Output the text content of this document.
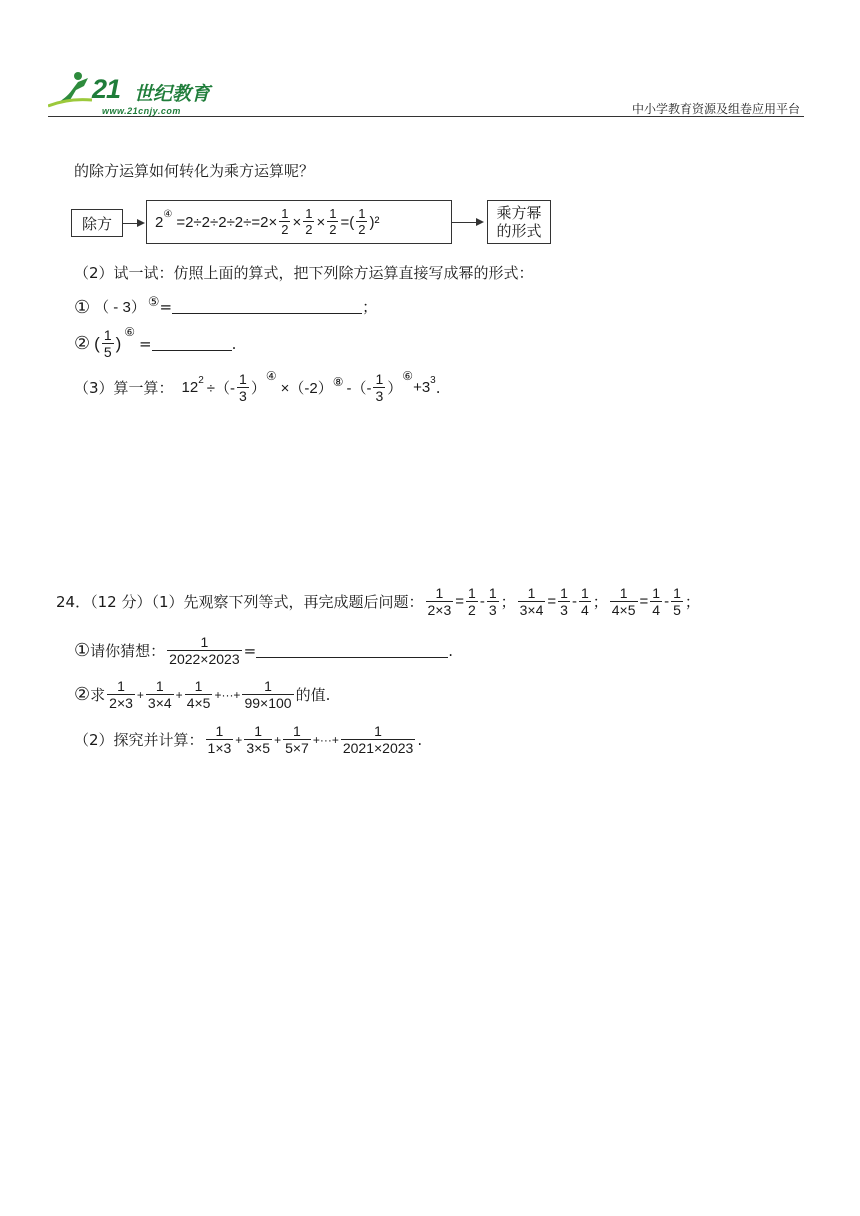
21 世纪教育
www.21cnjy.com	中小学教育资源及组卷应用平台
的除方运算如何转化为乘方运算呢？
除方	2 ④ $=2\div 2\div 2\div 2\div=2\times \frac{1}{2} \times \frac{1}{2} \times \frac{1}{2}$ =( $\frac{1}{2} )^2$	乘方幂
的形式
（2）试一试：仿照上面的算式，把下列除方运算直接写成幂的形式：
① （ - 3） ⑤ =	；
② ( $\frac{1}{5}$ )
⑥
=	.
（3）算一算： 12 2 ÷（- $\frac{1}{3}$ ）
④
×（-2） ⑧ -（- $\frac{1}{3}$ ）
⑥
+3 3 .
24．（12 分）（1）先观察下列等式，再完成题后问题： $\frac{1}{2\times 3} = \frac{1}{2} - \frac{1}{3}$ ； $\frac{1}{3\times 4} = \frac{1}{3} - \frac{1}{4}$ ； $\frac{1}{4\times 5} = \frac{1}{4} - \frac{1}{5}$ ；
① 请你猜想： $\frac{1}{2022\times 2023}$ =	.
② 求 $\frac{1}{2\times 3} + \frac{1}{3\times 4} + \frac{1}{4\times 5}$ +···+ $\frac{1}{99\times 100}$ 的值.
（2）探究并计算： $\frac{1}{1\times 3} + \frac{1}{3\times 5} + \frac{1}{5\times 7}$ +···+ $\frac{1}{2021\times 2023}$ .
